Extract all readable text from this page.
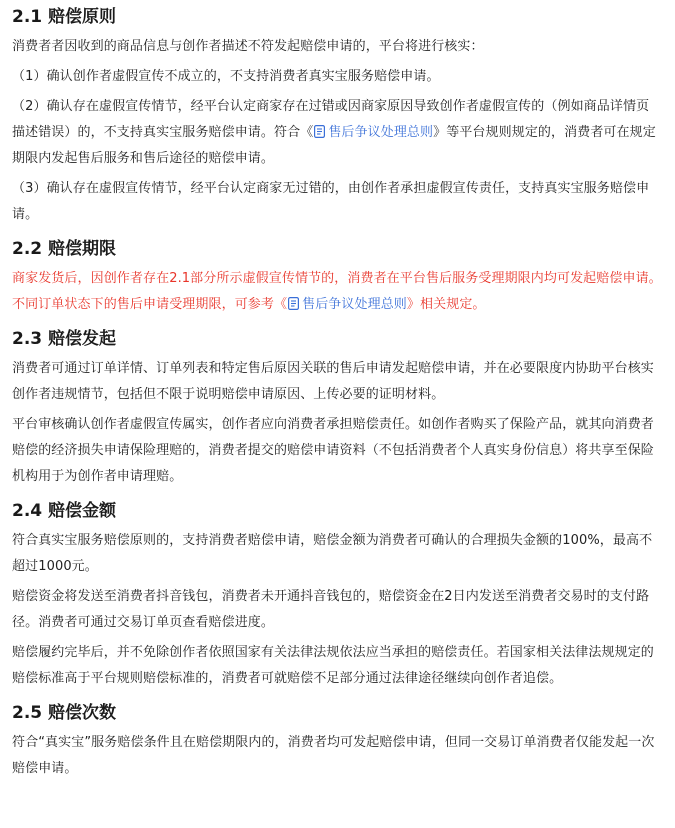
2.1 赔偿原则

消费者者因收到的商品信息与创作者描述不符发起赔偿申请的，平台将进行核实：

（1）确认创作者虚假宣传不成立的，不支持消费者真实宝服务赔偿申请。

（2）确认存在虚假宣传情节，经平台认定商家存在过错或因商家原因导致创作者虚假宣传的（例如商品详情页描述错误）的，不支持真实宝服务赔偿申请。符合《 售后争议处理总则》等平台规则规定的，消费者可在规定期限内发起售后服务和售后途径的赔偿申请。

（3）确认存在虚假宣传情节，经平台认定商家无过错的，由创作者承担虚假宣传责任，支持真实宝服务赔偿申请。

2.2 赔偿期限

商家发货后，因创作者存在2.1部分所示虚假宣传情节的，消费者在平台售后服务受理期限内均可发起赔偿申请。不同订单状态下的售后申请受理期限，可参考《 售后争议处理总则》相关规定。

2.3 赔偿发起

消费者可通过订单详情、订单列表和特定售后原因关联的售后申请发起赔偿申请，并在必要限度内协助平台核实创作者违规情节，包括但不限于说明赔偿申请原因、上传必要的证明材料。

平台审核确认创作者虚假宣传属实，创作者应向消费者承担赔偿责任。如创作者购买了保险产品，就其向消费者赔偿的经济损失申请保险理赔的，消费者提交的赔偿申请资料（不包括消费者个人真实身份信息）将共享至保险机构用于为创作者申请理赔。

2.4 赔偿金额

符合真实宝服务赔偿原则的，支持消费者赔偿申请，赔偿金额为消费者可确认的合理损失金额的100%，最高不超过1000元。

赔偿资金将发送至消费者抖音钱包，消费者未开通抖音钱包的，赔偿资金在2日内发送至消费者交易时的支付路径。消费者可通过交易订单页查看赔偿进度。

赔偿履约完毕后，并不免除创作者依照国家有关法律法规依法应当承担的赔偿责任。若国家相关法律法规规定的赔偿标准高于平台规则赔偿标准的，消费者可就赔偿不足部分通过法律途径继续向创作者追偿。

2.5 赔偿次数

符合“真实宝”服务赔偿条件且在赔偿期限内的，消费者均可发起赔偿申请，但同一交易订单消费者仅能发起一次赔偿申请。
